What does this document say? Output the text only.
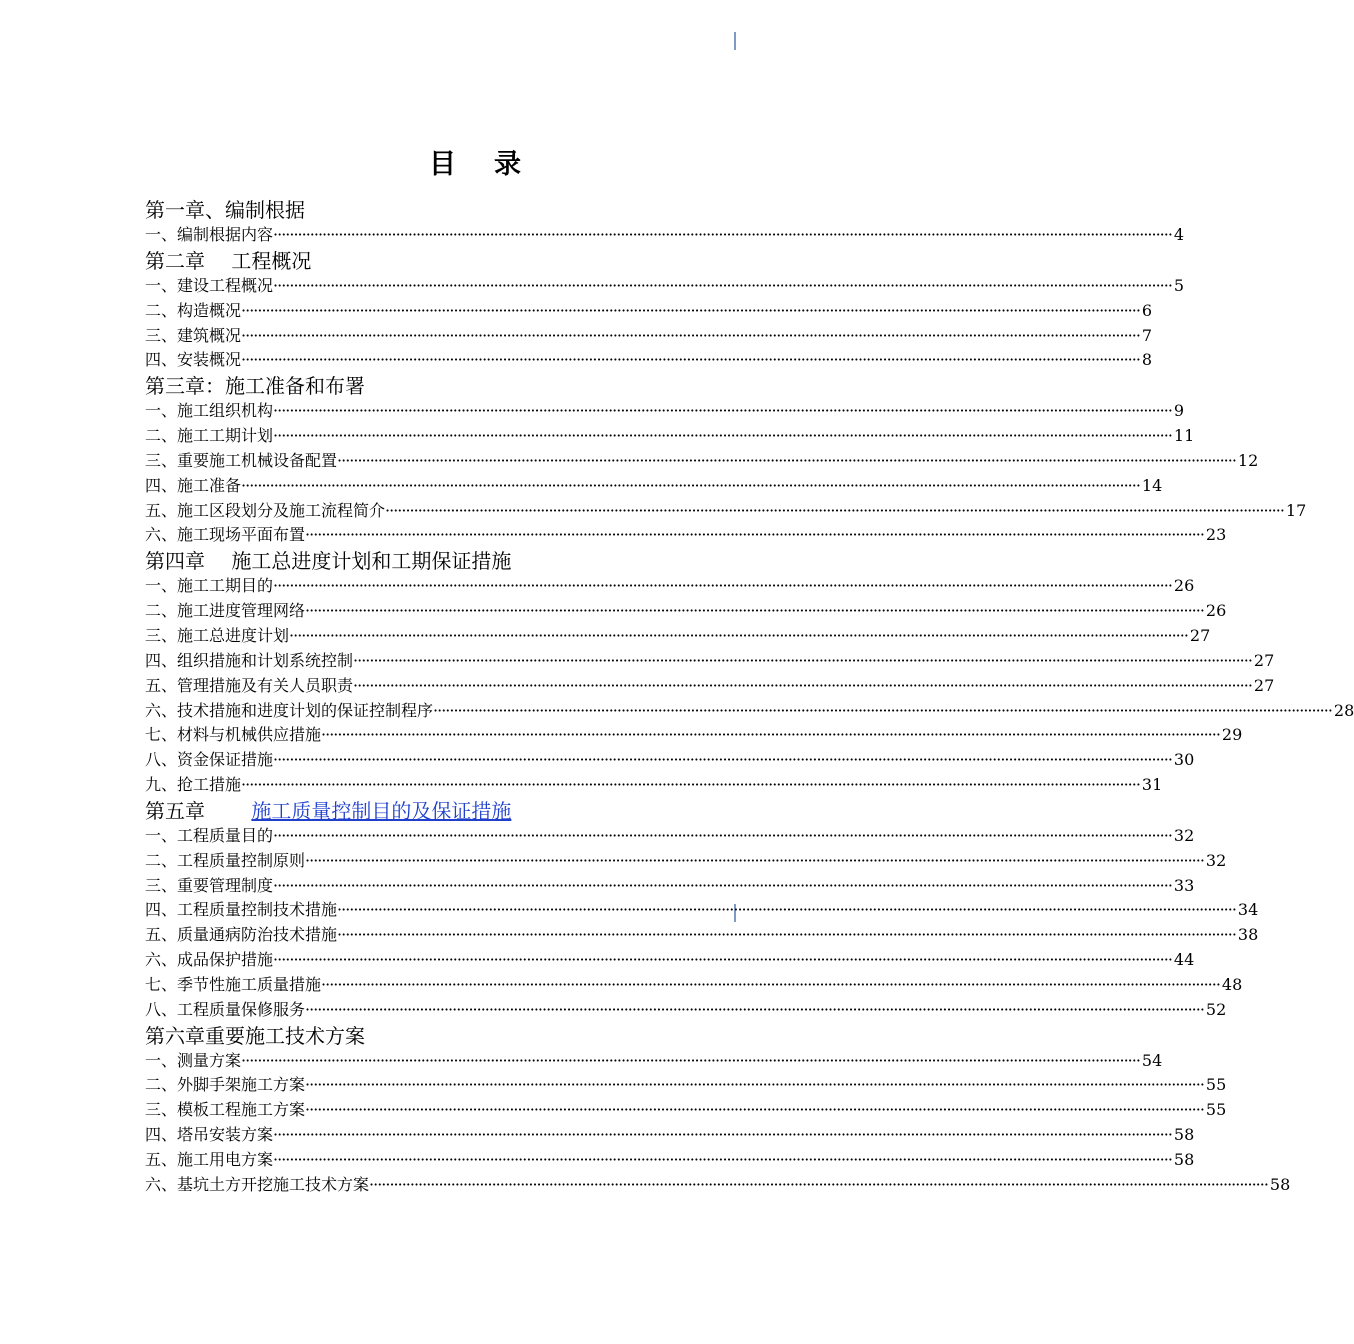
目 录
第一章、编制根据
一、编制根据内容 ···························································································································································································································· 4
第二章　 工程概况
一、建设工程概况 ···························································································································································································································· 5
二、构造概况 ···························································································································································································································· 6
三、建筑概况 ···························································································································································································································· 7
四、安装概况 ···························································································································································································································· 8
第三章：施工准备和布署
一、施工组织机构 ···························································································································································································································· 9
二、施工工期计划 ···························································································································································································································· 11
三、重要施工机械设备配置 ···························································································································································································································· 12
四、施工准备 ···························································································································································································································· 14
五、施工区段划分及施工流程简介 ···························································································································································································································· 17
六、施工现场平面布置 ···························································································································································································································· 23
第四章　 施工总进度计划和工期保证措施
一、施工工期目的 ···························································································································································································································· 26
二、施工进度管理网络 ···························································································································································································································· 26
三、施工总进度计划 ···························································································································································································································· 27
四、组织措施和计划系统控制 ···························································································································································································································· 27
五、管理措施及有关人员职责 ···························································································································································································································· 27
六、技术措施和进度计划的保证控制程序 ···························································································································································································································· 28
七、材料与机械供应措施 ···························································································································································································································· 29
八、资金保证措施 ···························································································································································································································· 30
九、抢工措施 ···························································································································································································································· 31
第五章　　 施工质量控制目的及保证措施
一、工程质量目的 ···························································································································································································································· 32
二、工程质量控制原则 ···························································································································································································································· 32
三、重要管理制度 ···························································································································································································································· 33
四、工程质量控制技术措施 ···························································································································································································································· 34
五、质量通病防治技术措施 ···························································································································································································································· 38
六、成品保护措施 ···························································································································································································································· 44
七、季节性施工质量措施 ···························································································································································································································· 48
八、工程质量保修服务 ···························································································································································································································· 52
第六章重要施工技术方案
一、测量方案 ···························································································································································································································· 54
二、外脚手架施工方案 ···························································································································································································································· 55
三、模板工程施工方案 ···························································································································································································································· 55
四、塔吊安装方案 ···························································································································································································································· 58
五、施工用电方案 ···························································································································································································································· 58
六、基坑土方开挖施工技术方案 ···························································································································································································································· 58
